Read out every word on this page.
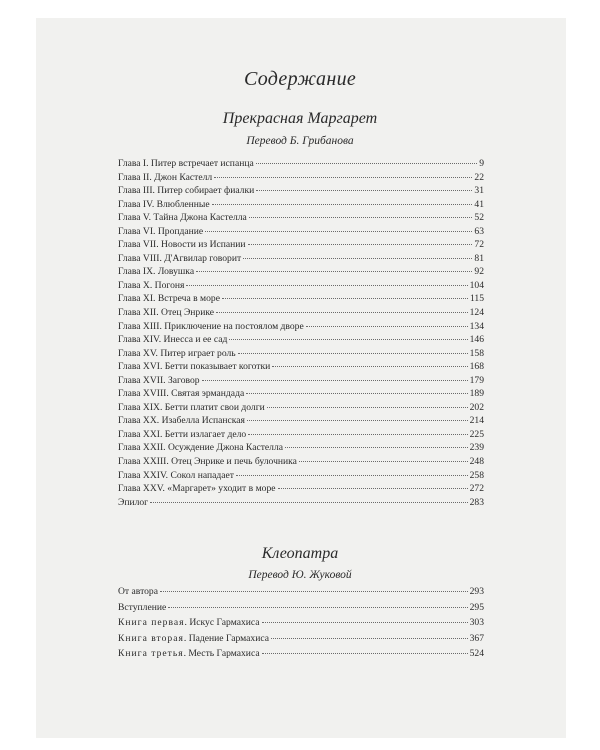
Содержание
Прекрасная Маргарет
Перевод Б. Грибанова
Глава I. Питер встречает испанца	9
Глава II. Джон Кастелл	22
Глава III. Питер собирает фиалки	31
Глава IV. Влюбленные	41
Глава V. Тайна Джона Кастелла	52
Глава VI. Пропдание	63
Глава VII. Новости из Испании	72
Глава VIII. Д'Агвилар говорит	81
Глава IX. Ловушка	92
Глава X. Погоня	104
Глава XI. Встреча в море	115
Глава XII. Отец Энрике	124
Глава XIII. Приключение на постоялом дворе	134
Глава XIV. Инесса и ее сад	146
Глава XV. Питер играет роль	158
Глава XVI. Бетти показывает коготки	168
Глава XVII. Заговор	179
Глава XVIII. Святая эрмандада	189
Глава XIX. Бетти платит свои долги	202
Глава XX. Изабелла Испанская	214
Глава XXI. Бетти излагает дело	225
Глава XXII. Осуждение Джона Кастелла	239
Глава XXIII. Отец Энрике и печь булочника	248
Глава XXIV. Сокол нападает	258
Глава XXV. «Маргарет» уходит в море	272
Эпилог	283
Клеопатра
Перевод Ю. Жуковой
От автора	293
Вступление	295
Книга первая. Искус Гармахиса	303
Книга вторая. Падение Гармахиса	367
Книга третья. Месть Гармахиса	524
